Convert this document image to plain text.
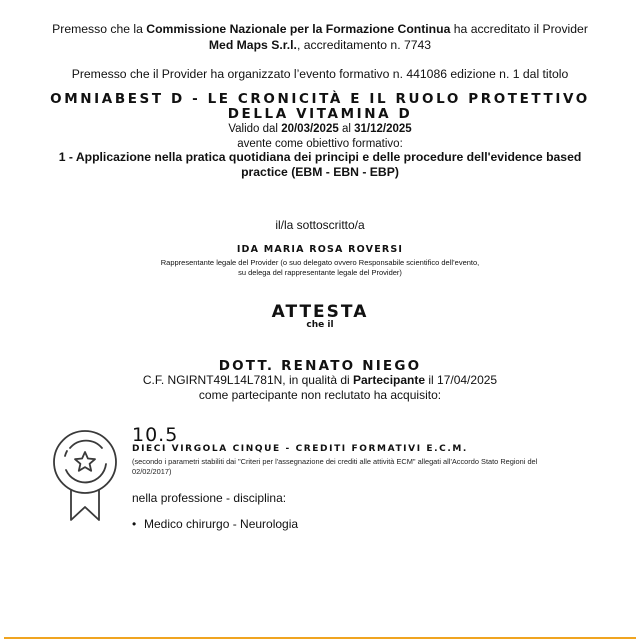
Premesso che la Commissione Nazionale per la Formazione Continua ha accreditato il Provider
Med Maps S.r.l., accreditamento n. 7743
Premesso che il Provider ha organizzato l’evento formativo n. 441086 edizione n. 1 dal titolo
OMNIABEST D - LE CRONICITÀ E IL RUOLO PROTETTIVO
DELLA VITAMINA D
Valido dal 20/03/2025 al 31/12/2025
avente come obiettivo formativo:
1 - Applicazione nella pratica quotidiana dei principi e delle procedure dell'evidence based practice (EBM - EBN - EBP)
il/la sottoscritto/a
IDA MARIA ROSA ROVERSI
Rappresentante legale del Provider (o suo delegato ovvero Responsabile scientifico dell’evento,
su delega del rappresentante legale del Provider)
ATTESTA
che il
DOTT. RENATO NIEGO
C.F. NGIRNT49L14L781N, in qualità di Partecipante il 17/04/2025
come partecipante non reclutato ha acquisito:
10.5
DIECI VIRGOLA CINQUE - CREDITI FORMATIVI E.C.M.
(secondo i parametri stabiliti dai "Criteri per l'assegnazione dei crediti alle attività ECM" allegati all'Accordo Stato Regioni del 02/02/2017)
nella professione - disciplina:
• Medico chirurgo - Neurologia
